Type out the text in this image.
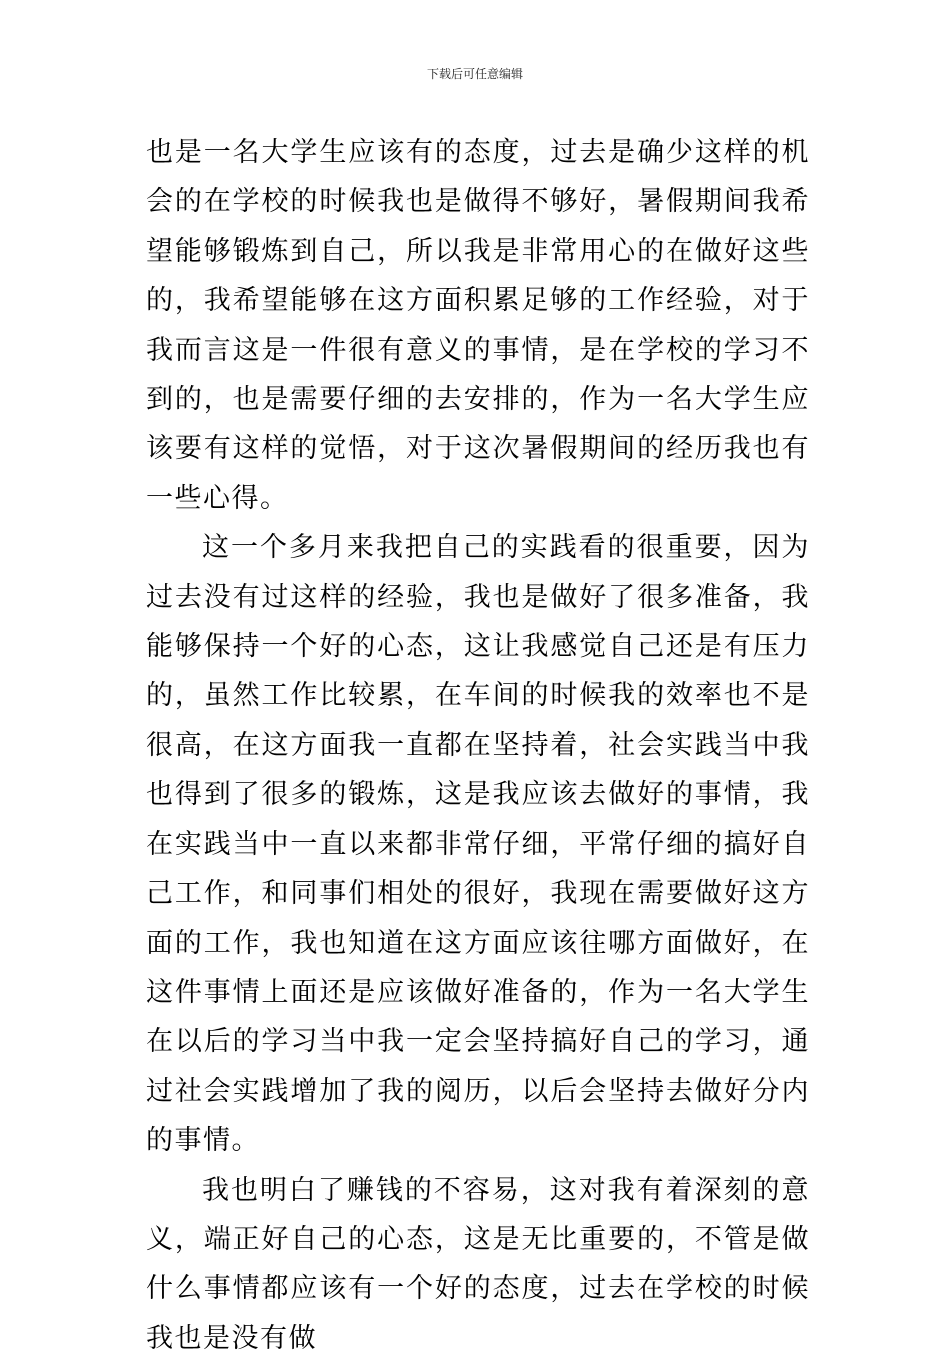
下载后可任意编辑

也是一名大学生应该有的态度，过去是确少这样的机会的在学校的时候我也是做得不够好，暑假期间我希望能够锻炼到自己，所以我是非常用心的在做好这些的，我希望能够在这方面积累足够的工作经验，对于我而言这是一件很有意义的事情，是在学校的学习不到的，也是需要仔细的去安排的，作为一名大学生应该要有这样的觉悟，对于这次暑假期间的经历我也有一些心得。

这一个多月来我把自己的实践看的很重要，因为过去没有过这样的经验，我也是做好了很多准备，我能够保持一个好的心态，这让我感觉自己还是有压力的，虽然工作比较累，在车间的时候我的效率也不是很高，在这方面我一直都在坚持着，社会实践当中我也得到了很多的锻炼，这是我应该去做好的事情，我在实践当中一直以来都非常仔细，平常仔细的搞好自己工作，和同事们相处的很好，我现在需要做好这方面的工作，我也知道在这方面应该往哪方面做好，在这件事情上面还是应该做好准备的，作为一名大学生在以后的学习当中我一定会坚持搞好自己的学习，通过社会实践增加了我的阅历，以后会坚持去做好分内的事情。

我也明白了赚钱的不容易，这对我有着深刻的意义，端正好自己的心态，这是无比重要的，不管是做什么事情都应该有一个好的态度，过去在学校的时候我也是没有做
